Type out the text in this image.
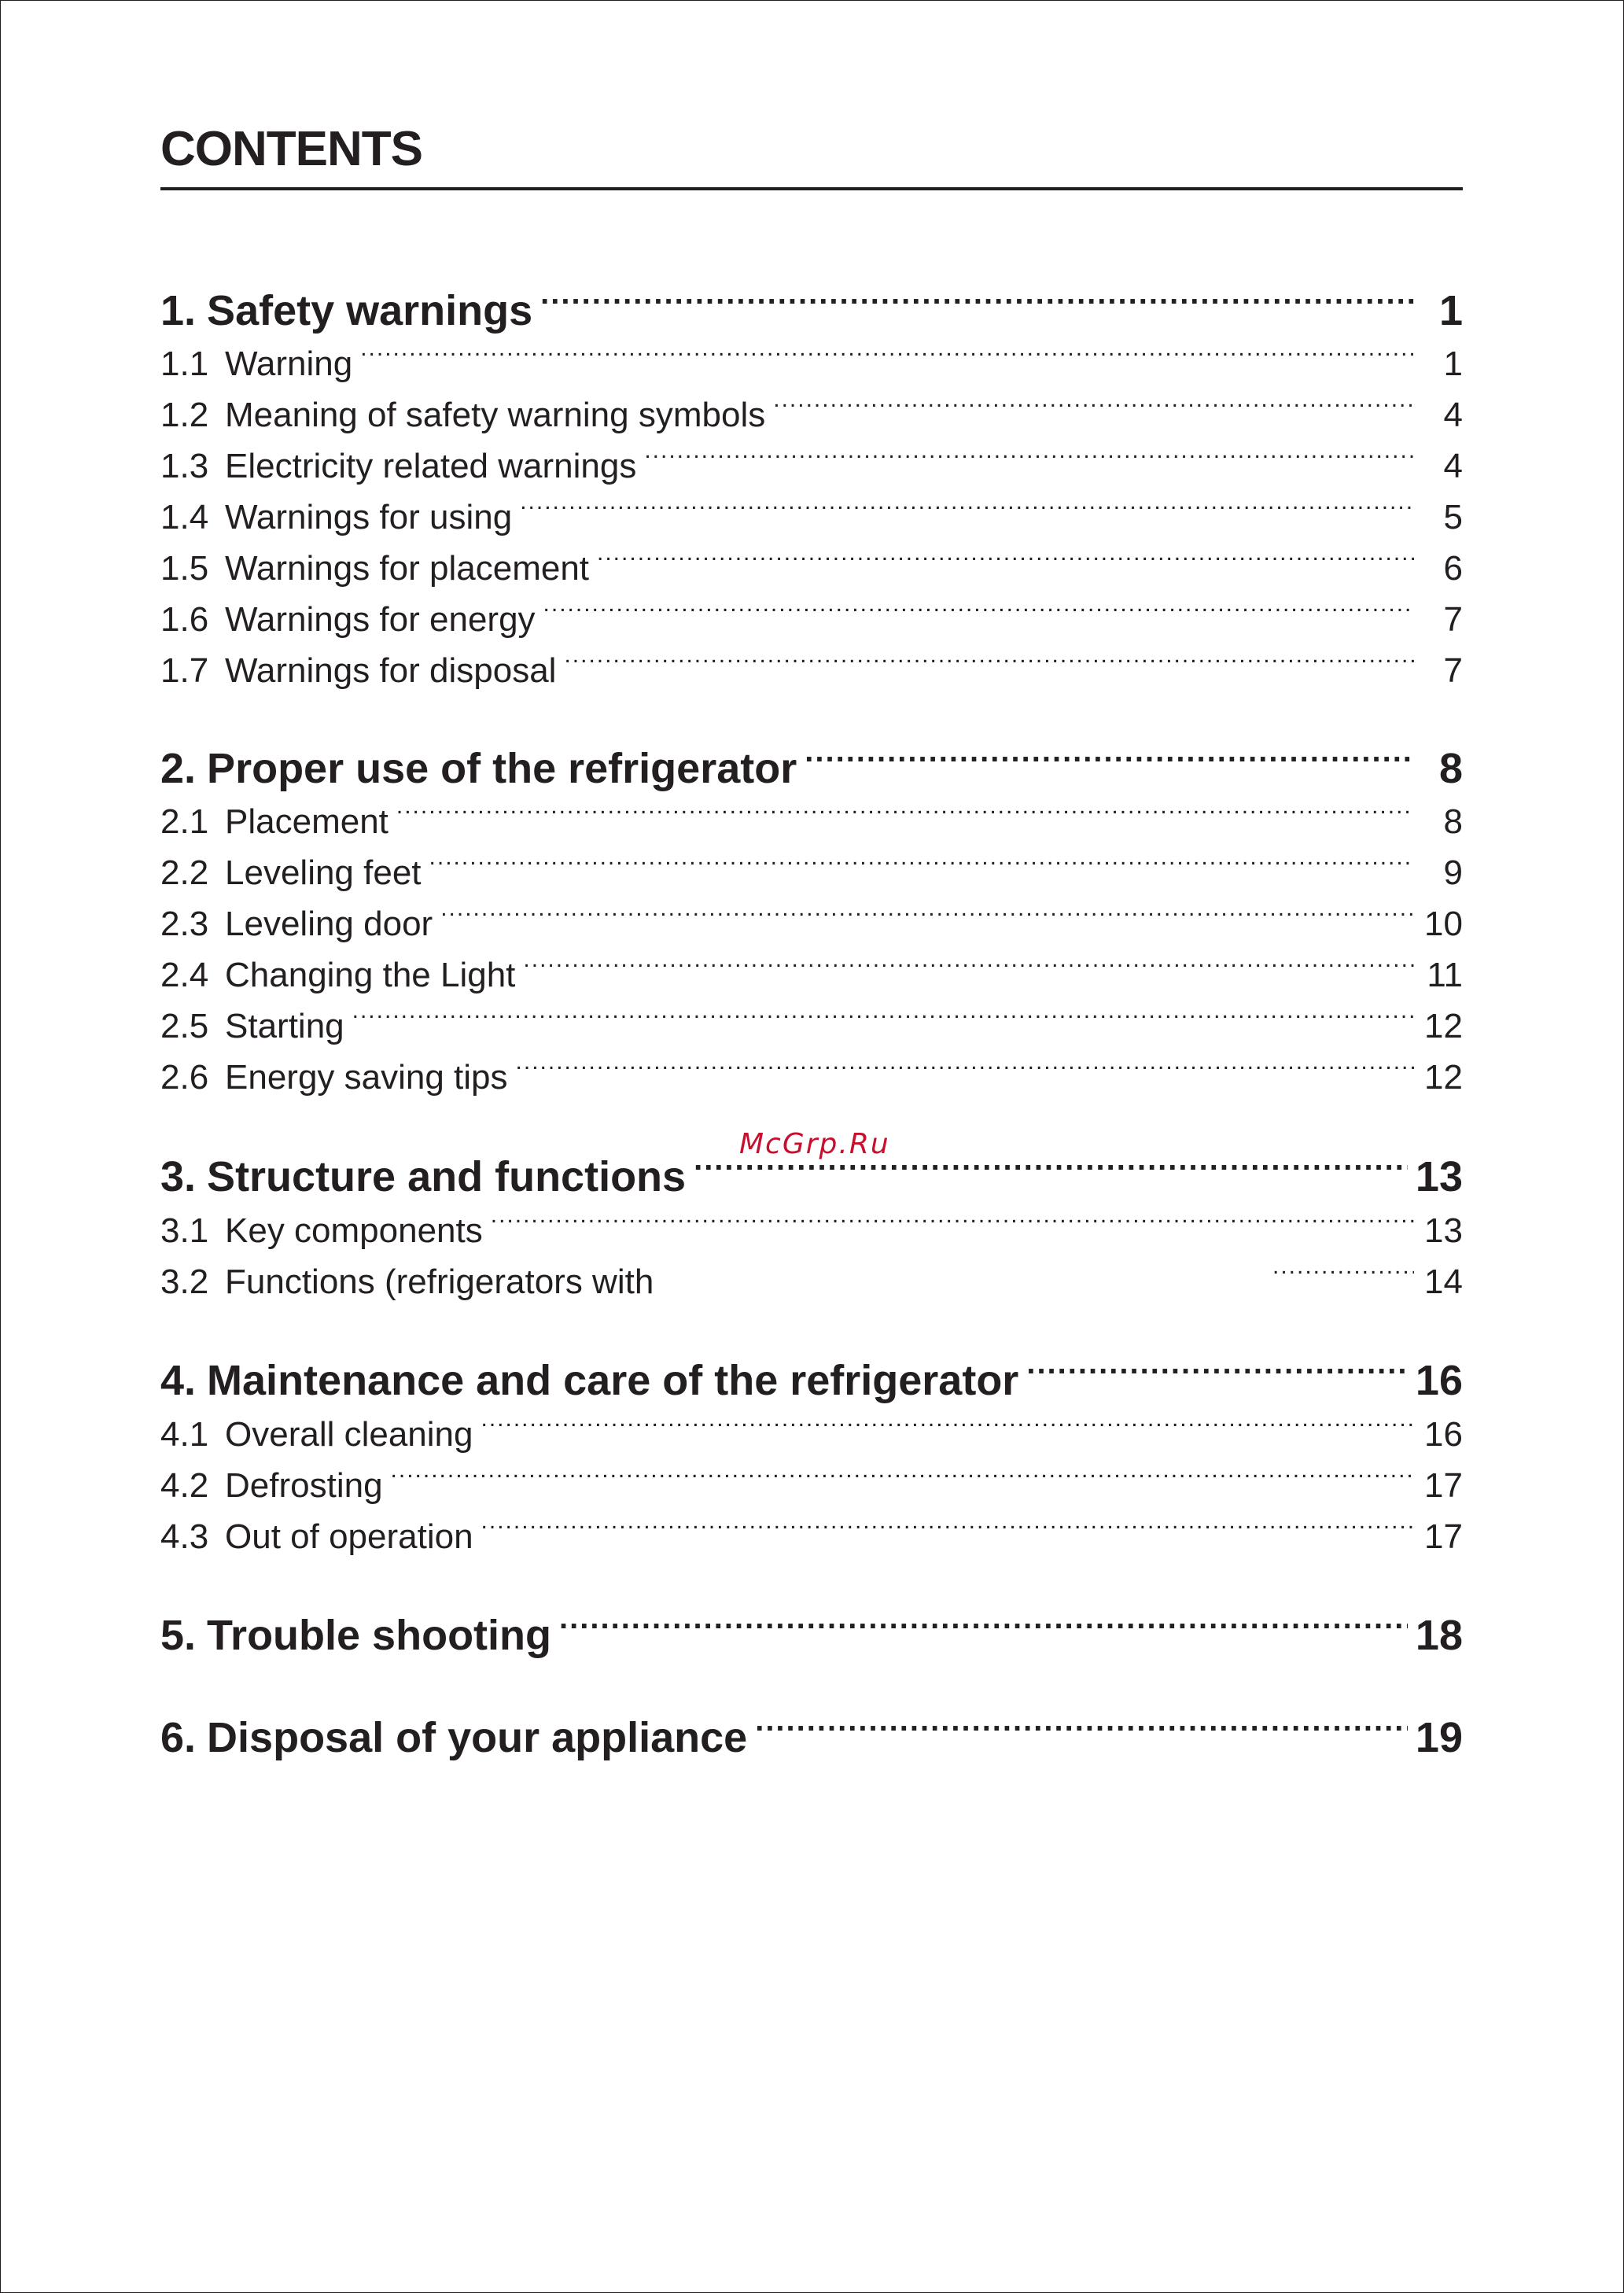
CONTENTS
1. Safety warnings .....	1
1.1 Warning .....	1
1.2 Meaning of safety warning symbols .....	4
1.3 Electricity related warnings .....	4
1.4 Warnings for using .....	5
1.5 Warnings for placement .....	6
1.6 Warnings for energy .....	7
1.7 Warnings for disposal .....	7
2. Proper use of the refrigerator .....	8
2.1 Placement .....	8
2.2 Leveling feet .....	9
2.3 Leveling door .....	10
2.4 Changing the Light .....	11
2.5 Starting .....	12
2.6 Energy saving tips .....	12
McGrp.Ru
3. Structure and functions .....	13
3.1 Key components .....	13
3.2 Functions (refrigerators with .....	14
4. Maintenance and care of the refrigerator .....	16
4.1 Overall cleaning .....	16
4.2 Defrosting .....	17
4.3 Out of operation .....	17
5. Trouble shooting .....	18
6. Disposal of your appliance .....	19
